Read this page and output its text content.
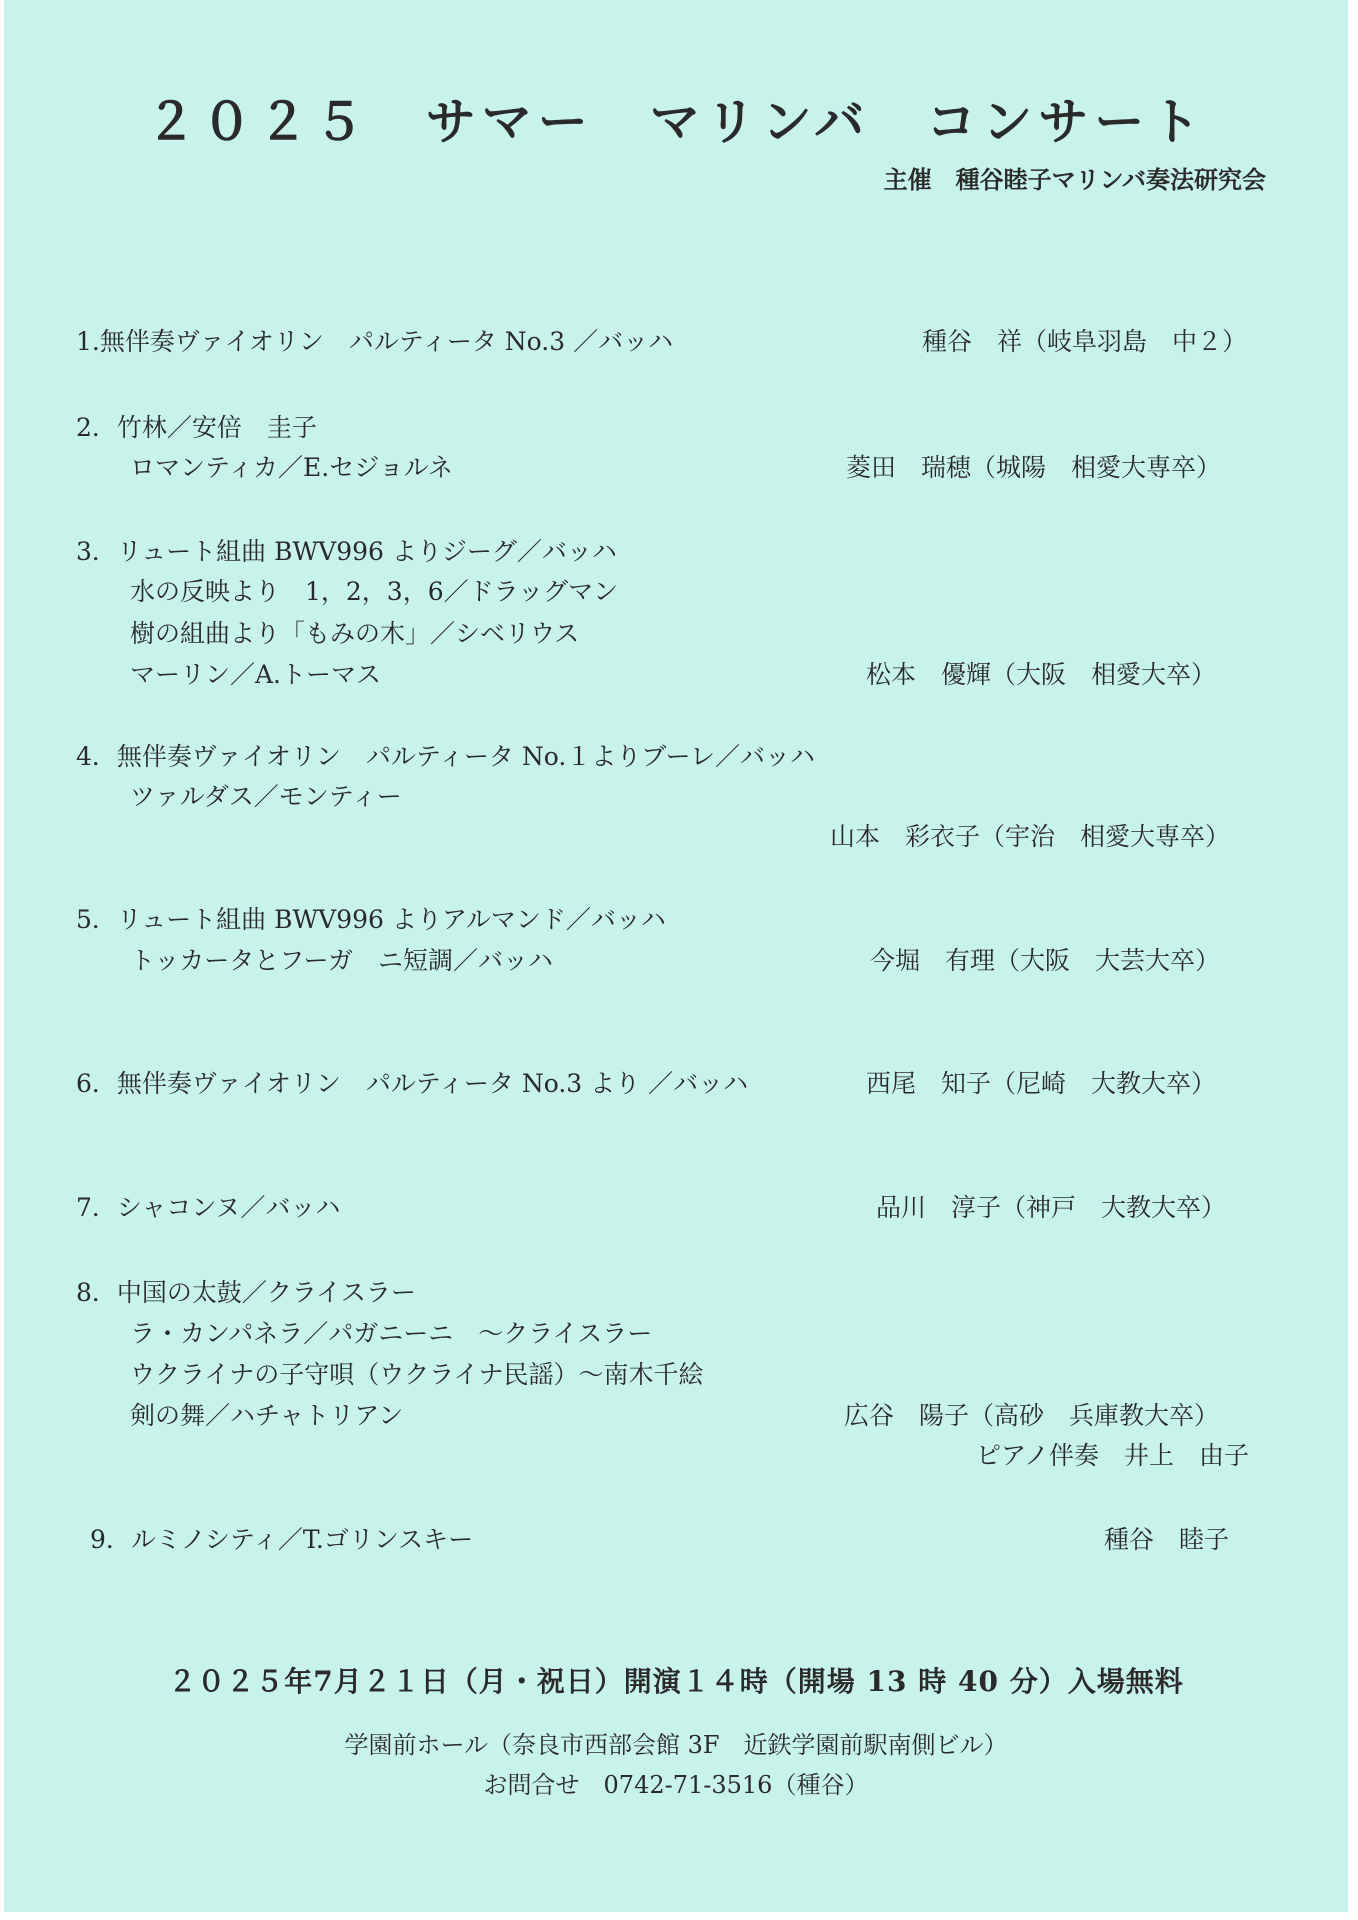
２０２５　サマー　マリンバ　コンサート
主催　種谷睦子マリンバ奏法研究会
1.無伴奏ヴァイオリン　パルティータ No.3 ／バッハ	種谷　祥（岐阜羽島　中２）
2．竹林／安倍　圭子
ロマンティカ／E.セジョルネ	菱田　瑞穂（城陽　相愛大専卒）
3．リュート組曲 BWV996 よりジーグ／バッハ
水の反映より　1，2，3，6／ドラッグマン
樹の組曲より「もみの木」／シベリウス
マーリン／A.トーマス	松本　優輝（大阪　相愛大卒）
4．無伴奏ヴァイオリン　パルティータ No.１よりブーレ／バッハ
ツァルダス／モンティー
山本　彩衣子（宇治　相愛大専卒）
5．リュート組曲 BWV996 よりアルマンド／バッハ
トッカータとフーガ　ニ短調／バッハ	今堀　有理（大阪　大芸大卒）
6．無伴奏ヴァイオリン　パルティータ No.3 より ／バッハ	西尾　知子（尼崎　大教大卒）
7．シャコンヌ／バッハ	品川　淳子（神戸　大教大卒）
8．中国の太鼓／クライスラー
ラ・カンパネラ／パガニーニ　～クライスラー
ウクライナの子守唄（ウクライナ民謡）～南木千絵
剣の舞／ハチャトリアン	広谷　陽子（高砂　兵庫教大卒）
ピアノ伴奏　井上　由子
9．ルミノシティ／T.ゴリンスキー	種谷　睦子
２０２５年7月２１日（月・祝日）開演１４時（開場 13 時 40 分）入場無料
学園前ホール（奈良市西部会館 3F　近鉄学園前駅南側ビル）
お問合せ　0742-71-3516（種谷）
